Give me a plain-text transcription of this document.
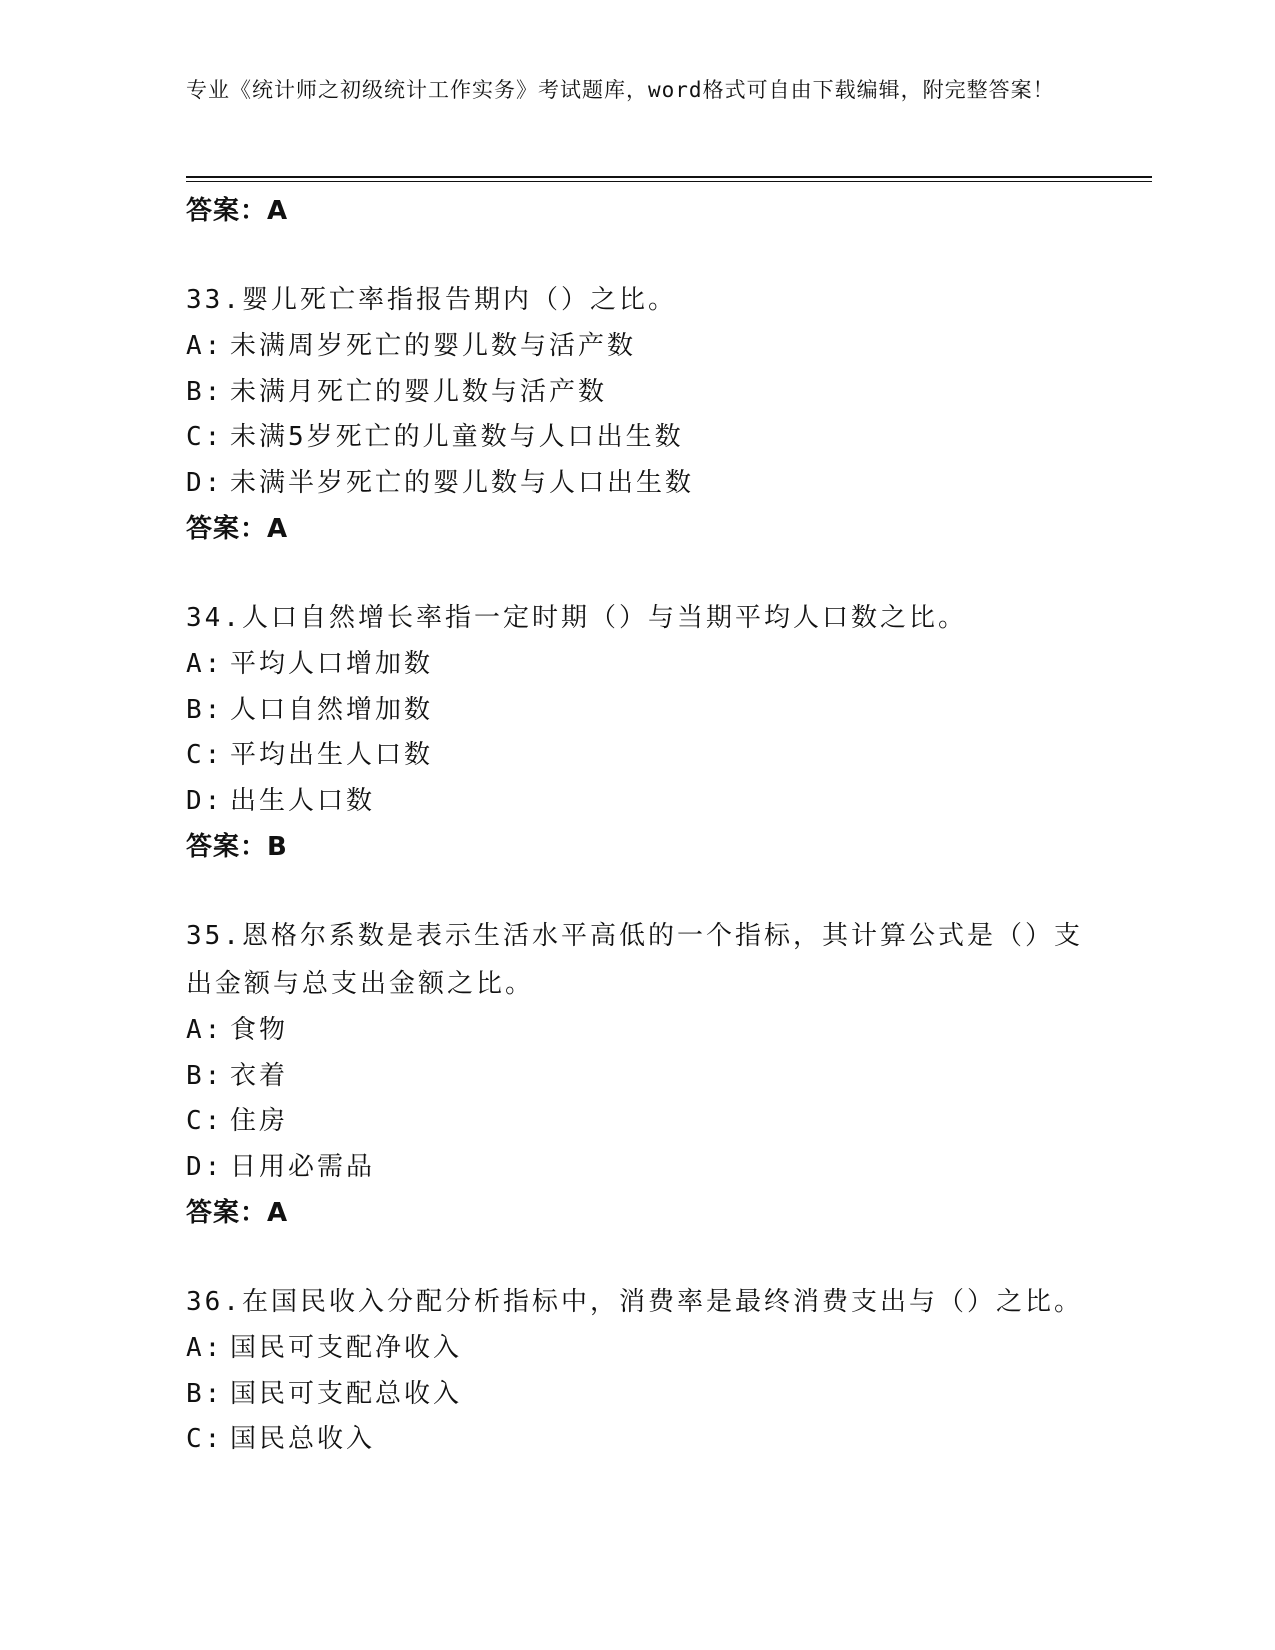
专业《统计师之初级统计工作实务》考试题库，word格式可自由下载编辑，附完整答案！
答案：A
33.婴儿死亡率指报告期内（）之比。
A: 未满周岁死亡的婴儿数与活产数
B: 未满月死亡的婴儿数与活产数
C: 未满5岁死亡的儿童数与人口出生数
D: 未满半岁死亡的婴儿数与人口出生数
答案：A
34.人口自然增长率指一定时期（）与当期平均人口数之比。
A: 平均人口增加数
B: 人口自然增加数
C: 平均出生人口数
D: 出生人口数
答案：B
35.恩格尔系数是表示生活水平高低的一个指标，其计算公式是（）支出金额与总支出金额之比。
A: 食物
B: 衣着
C: 住房
D: 日用必需品
答案：A
36.在国民收入分配分析指标中，消费率是最终消费支出与（）之比。
A: 国民可支配净收入
B: 国民可支配总收入
C: 国民总收入
